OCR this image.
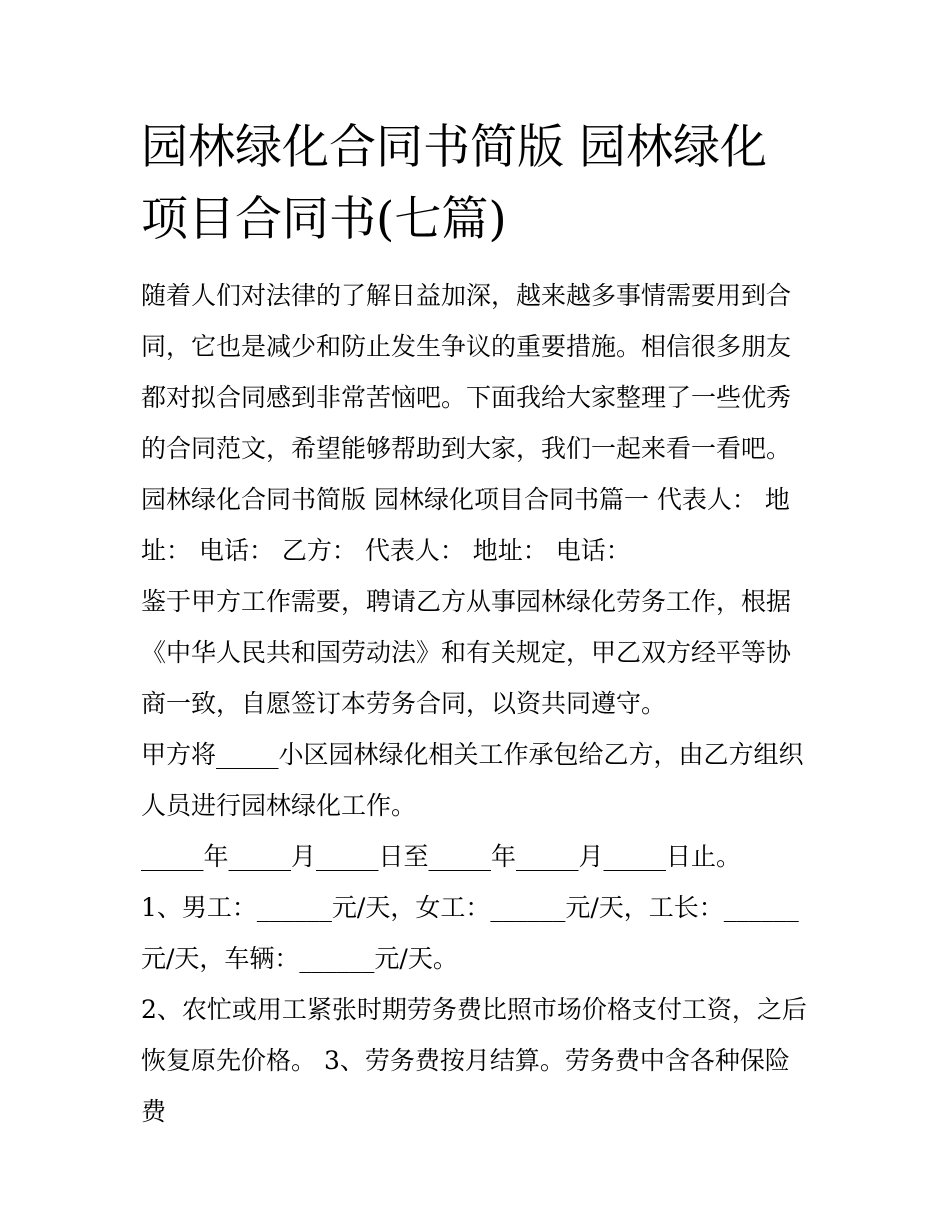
园林绿化合同书简版 园林绿化项目合同书(七篇)

随着人们对法律的了解日益加深，越来越多事情需要用到合同，它也是减少和防止发生争议的重要措施。相信很多朋友都对拟合同感到非常苦恼吧。下面我给大家整理了一些优秀的合同范文，希望能够帮助到大家，我们一起来看一看吧。

园林绿化合同书简版 园林绿化项目合同书篇一 代表人： 地址： 电话： 乙方： 代表人： 地址： 电话：

鉴于甲方工作需要，聘请乙方从事园林绿化劳务工作，根据《中华人民共和国劳动法》和有关规定，甲乙双方经平等协商一致，自愿签订本劳务合同，以资共同遵守。

甲方将_____小区园林绿化相关工作承包给乙方，由乙方组织人员进行园林绿化工作。

_____年_____月_____日至_____年_____月_____日止。

1、男工：______元/天，女工：______元/天，工长：______元/天，车辆：______元/天。

2、农忙或用工紧张时期劳务费比照市场价格支付工资，之后恢复原先价格。 3、劳务费按月结算。劳务费中含各种保险费
